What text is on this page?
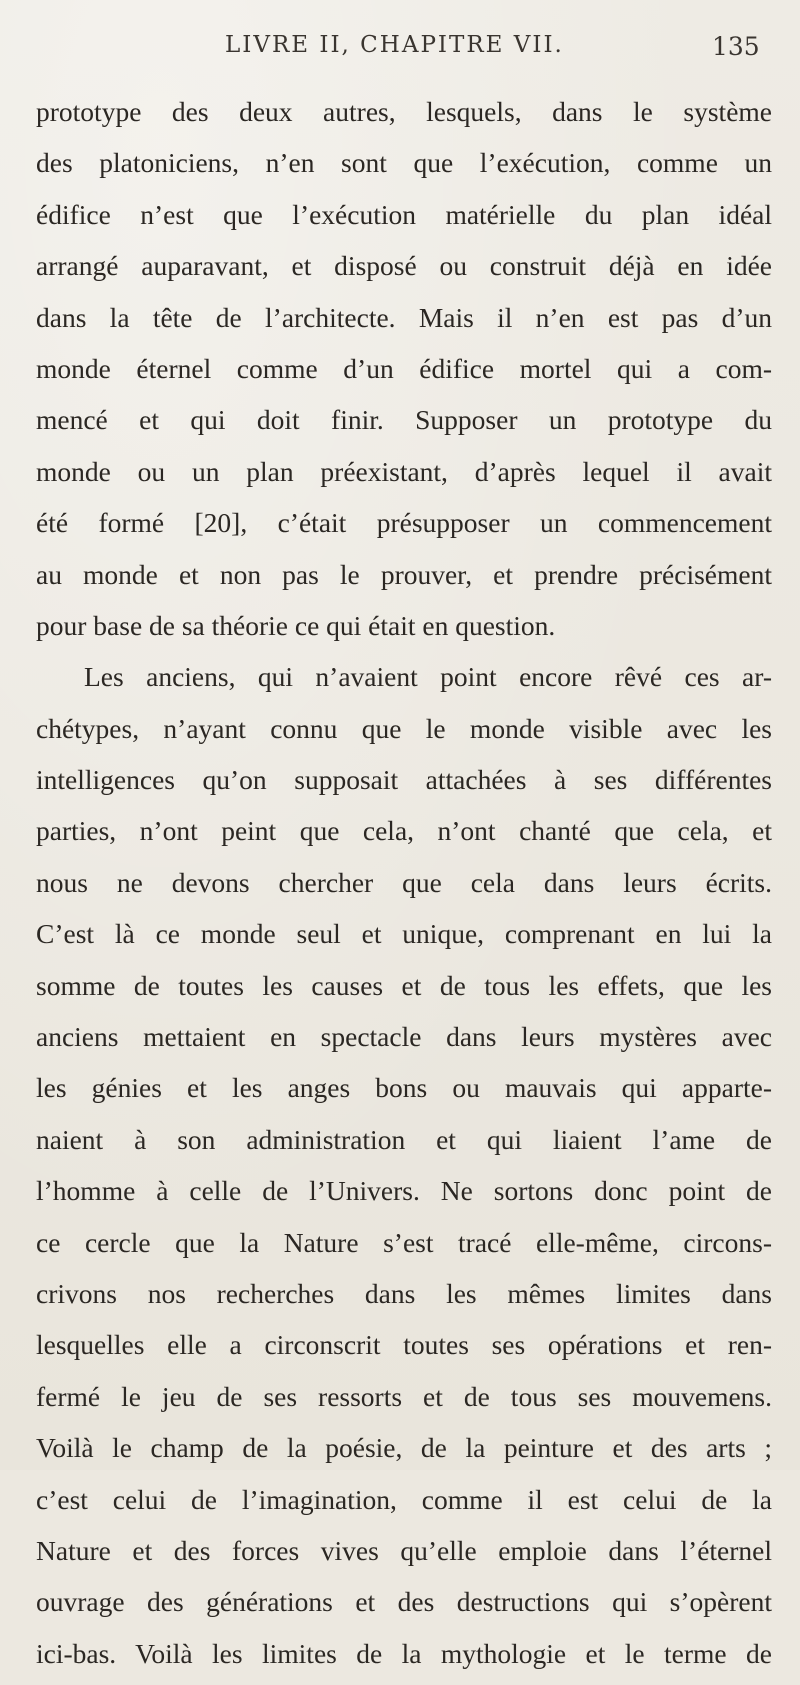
LIVRE II, CHAPITRE VII.	135
prototype des deux autres, lesquels, dans le système
des platoniciens, n’en sont que l’exécution, comme un
édifice n’est que l’exécution matérielle du plan idéal
arrangé auparavant, et disposé ou construit déjà en idée
dans la tête de l’architecte. Mais il n’en est pas d’un
monde éternel comme d’un édifice mortel qui a com-
mencé et qui doit finir. Supposer un prototype du
monde ou un plan préexistant, d’après lequel il avait
été formé [20], c’était présupposer un commencement
au monde et non pas le prouver, et prendre précisément
pour base de sa théorie ce qui était en question.
Les anciens, qui n’avaient point encore rêvé ces ar-
chétypes, n’ayant connu que le monde visible avec les
intelligences qu’on supposait attachées à ses différentes
parties, n’ont peint que cela, n’ont chanté que cela, et
nous ne devons chercher que cela dans leurs écrits.
C’est là ce monde seul et unique, comprenant en lui la
somme de toutes les causes et de tous les effets, que les
anciens mettaient en spectacle dans leurs mystères avec
les génies et les anges bons ou mauvais qui apparte-
naient à son administration et qui liaient l’ame de
l’homme à celle de l’Univers. Ne sortons donc point de
ce cercle que la Nature s’est tracé elle-même, circons-
crivons nos recherches dans les mêmes limites dans
lesquelles elle a circonscrit toutes ses opérations et ren-
fermé le jeu de ses ressorts et de tous ses mouvemens.
Voilà le champ de la poésie, de la peinture et des arts ;
c’est celui de l’imagination, comme il est celui de la
Nature et des forces vives qu’elle emploie dans l’éternel
ouvrage des générations et des destructions qui s’opèrent
ici-bas. Voilà les limites de la mythologie et le terme de
